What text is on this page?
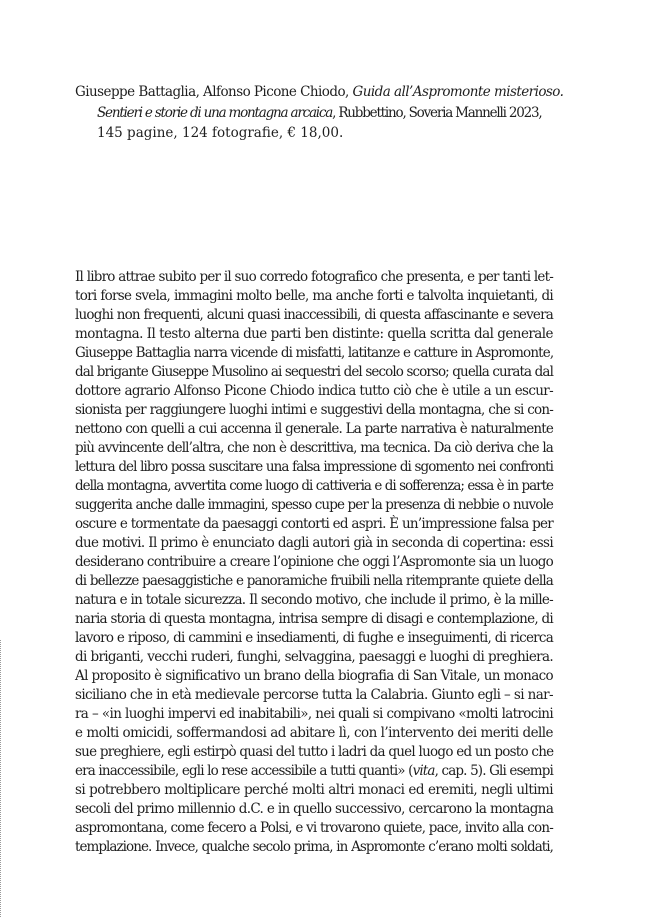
Giuseppe Battaglia, Alfonso Picone Chiodo, Guida all’Aspromonte misterioso.
Sentieri e storie di una montagna arcaica, Rubbettino, Soveria Mannelli 2023,
145 pagine, 124 fotografie, € 18,00.
Il libro attrae subito per il suo corredo fotografico che presenta, e per tanti let-
tori forse svela, immagini molto belle, ma anche forti e talvolta inquietanti, di
luoghi non frequenti, alcuni quasi inaccessibili, di questa affascinante e severa
montagna. Il testo alterna due parti ben distinte: quella scritta dal generale
Giuseppe Battaglia narra vicende di misfatti, latitanze e catture in Aspromonte,
dal brigante Giuseppe Musolino ai sequestri del secolo scorso; quella curata dal
dottore agrario Alfonso Picone Chiodo indica tutto ciò che è utile a un escur-
sionista per raggiungere luoghi intimi e suggestivi della montagna, che si con-
nettono con quelli a cui accenna il generale. La parte narrativa è naturalmente
più avvincente dell’altra, che non è descrittiva, ma tecnica. Da ciò deriva che la
lettura del libro possa suscitare una falsa impressione di sgomento nei confronti
della montagna, avvertita come luogo di cattiveria e di sofferenza; essa è in parte
suggerita anche dalle immagini, spesso cupe per la presenza di nebbie o nuvole
oscure e tormentate da paesaggi contorti ed aspri. È un’impressione falsa per
due motivi. Il primo è enunciato dagli autori già in seconda di copertina: essi
desiderano contribuire a creare l’opinione che oggi l’Aspromonte sia un luogo
di bellezze paesaggistiche e panoramiche fruibili nella ritemprante quiete della
natura e in totale sicurezza. Il secondo motivo, che include il primo, è la mille-
naria storia di questa montagna, intrisa sempre di disagi e contemplazione, di
lavoro e riposo, di cammini e insediamenti, di fughe e inseguimenti, di ricerca
di briganti, vecchi ruderi, funghi, selvaggina, paesaggi e luoghi di preghiera.
Al proposito è significativo un brano della biografia di San Vitale, un monaco
siciliano che in età medievale percorse tutta la Calabria. Giunto egli – si nar-
ra – «in luoghi impervi ed inabitabili», nei quali si compivano «molti latrocini
e molti omicidi, soffermandosi ad abitare lì, con l’intervento dei meriti delle
sue preghiere, egli estirpò quasi del tutto i ladri da quel luogo ed un posto che
era inaccessibile, egli lo rese accessibile a tutti quanti» (vita, cap. 5). Gli esempi
si potrebbero moltiplicare perché molti altri monaci ed eremiti, negli ultimi
secoli del primo millennio d.C. e in quello successivo, cercarono la montagna
aspromontana, come fecero a Polsi, e vi trovarono quiete, pace, invito alla con-
templazione. Invece, qualche secolo prima, in Aspromonte c’erano molti soldati,
